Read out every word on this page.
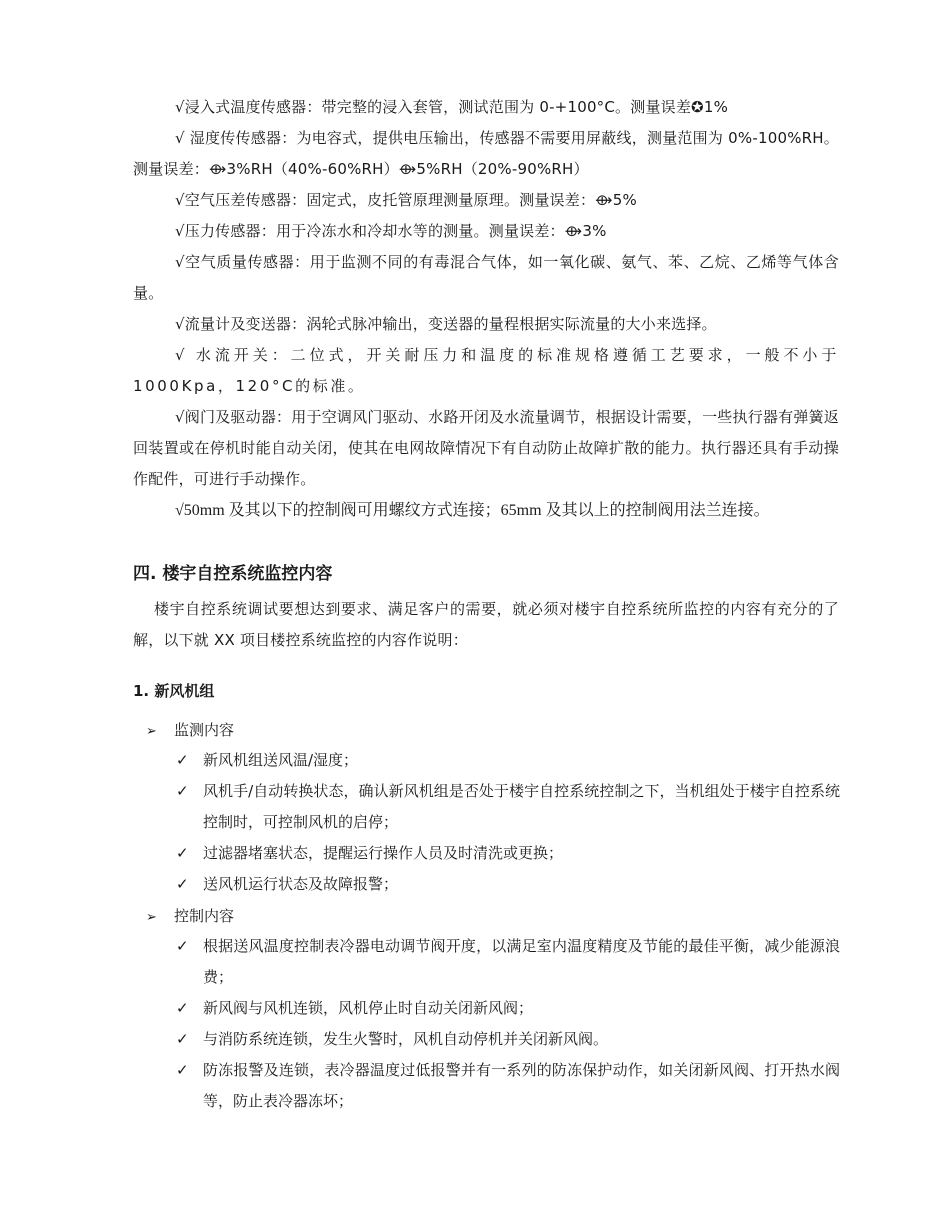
√浸入式温度传感器：带完整的浸入套管，测试范围为 0-+100°C。测量误差✪1%
√ 湿度传传感器：为电容式，提供电压输出，传感器不需要用屏蔽线，测量范围为 0%-100%RH。测量误差：⟴3%RH（40%-60%RH）⟴5%RH（20%-90%RH）
√空气压差传感器：固定式，皮托管原理测量原理。测量误差：⟴5%
√压力传感器：用于冷冻水和冷却水等的测量。测量误差：⟴3%
√空气质量传感器：用于监测不同的有毒混合气体，如一氧化碳、氨气、苯、乙烷、乙烯等气体含量。
√流量计及变送器：涡轮式脉冲输出，变送器的量程根据实际流量的大小来选择。
√ 水流开关：二位式，开关耐压力和温度的标准规格遵循工艺要求，一般不小于1000Kpa，120°C的标准。
√阀门及驱动器：用于空调风门驱动、水路开闭及水流量调节，根据设计需要，一些执行器有弹簧返回装置或在停机时能自动关闭，使其在电网故障情况下有自动防止故障扩散的能力。执行器还具有手动操作配件，可进行手动操作。
√50mm 及其以下的控制阀可用螺纹方式连接；65mm 及其以上的控制阀用法兰连接。
四. 楼宇自控系统监控内容
楼宇自控系统调试要想达到要求、满足客户的需要，就必须对楼宇自控系统所监控的内容有充分的了解，以下就 XX 项目楼控系统监控的内容作说明：
1. 新风机组
➢ 监测内容
✓ 新风机组送风温/湿度；
✓ 风机手/自动转换状态，确认新风机组是否处于楼宇自控系统控制之下，当机组处于楼宇自控系统控制时，可控制风机的启停；
✓ 过滤器堵塞状态，提醒运行操作人员及时清洗或更换；
✓ 送风机运行状态及故障报警；
➢ 控制内容
✓ 根据送风温度控制表冷器电动调节阀开度，以满足室内温度精度及节能的最佳平衡，减少能源浪费；
✓ 新风阀与风机连锁，风机停止时自动关闭新风阀；
✓ 与消防系统连锁，发生火警时，风机自动停机并关闭新风阀。
✓ 防冻报警及连锁，表冷器温度过低报警并有一系列的防冻保护动作，如关闭新风阀、打开热水阀等，防止表冷器冻坏；
